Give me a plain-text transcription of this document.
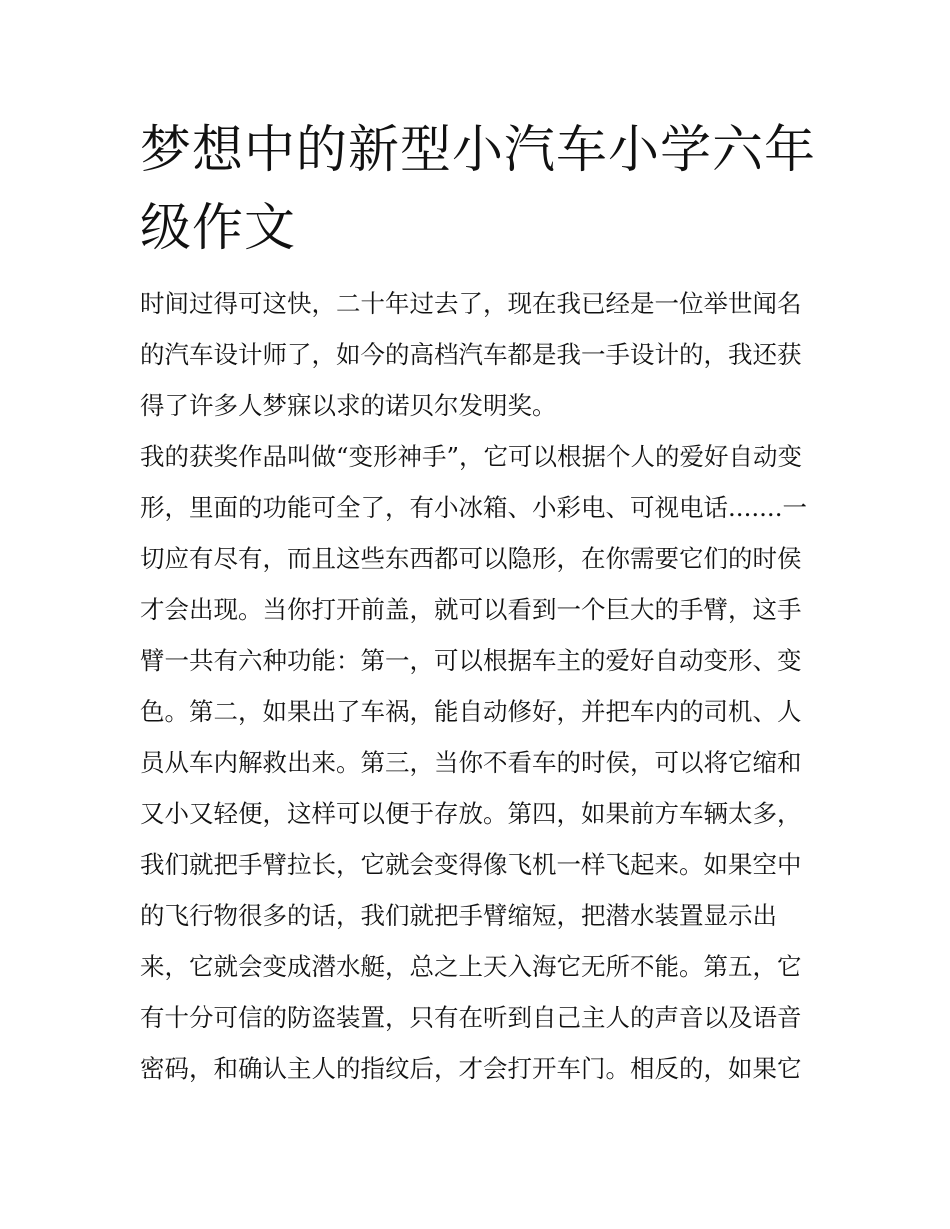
梦想中的新型小汽车小学六年
级作文
时间过得可这快，二十年过去了，现在我已经是一位举世闻名
的汽车设计师了，如今的高档汽车都是我一手设计的，我还获
得了许多人梦寐以求的诺贝尔发明奖。
我的获奖作品叫做“变形神手”，它可以根据个人的爱好自动变
形，里面的功能可全了，有小冰箱、小彩电、可视电话.......一
切应有尽有，而且这些东西都可以隐形，在你需要它们的时侯
才会出现。当你打开前盖，就可以看到一个巨大的手臂，这手
臂一共有六种功能：第一，可以根据车主的爱好自动变形、变
色。第二，如果出了车祸，能自动修好，并把车内的司机、人
员从车内解救出来。第三，当你不看车的时侯，可以将它缩和
又小又轻便，这样可以便于存放。第四，如果前方车辆太多，
我们就把手臂拉长，它就会变得像飞机一样飞起来。如果空中
的飞行物很多的话，我们就把手臂缩短，把潜水装置显示出
来，它就会变成潜水艇，总之上天入海它无所不能。第五，它
有十分可信的防盗装置，只有在听到自己主人的声音以及语音
密码，和确认主人的指纹后，才会打开车门。相反的，如果它
